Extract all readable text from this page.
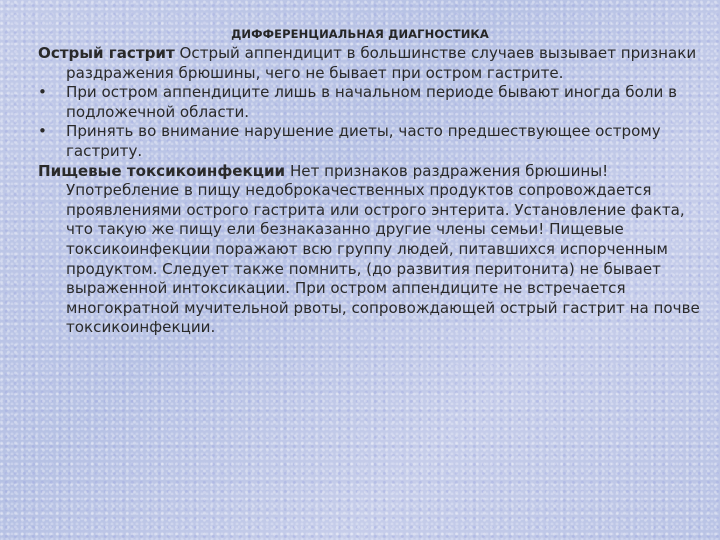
ДИФФЕРЕНЦИАЛЬНАЯ ДИАГНОСТИКА

Острый гастрит Острый аппендицит в большинстве случаев вызывает признаки раздражения брюшины, чего не бывает при остром гастрите.

•	При остром аппендиците лишь в начальном периоде бывают иногда боли в подложечной области.

•	Принять во внимание нарушение диеты, часто предшествующее острому гастриту.

Пищевые токсикоинфекции Нет признаков раздражения брюшины! Употребление в пищу недоброкачественных продуктов сопровождается проявлениями острого гастрита или острого энтерита. Установление факта, что такую же пищу ели безнаказанно другие члены семьи! Пищевые токсикоинфекции поражают всю группу людей, питавшихся испорченным продуктом. Следует также помнить, (до развития перитонита) не бывает выраженной интоксикации. При остром аппендиците не встречается многократной мучительной рвоты, сопровождающей острый гастрит на почве токсикоинфекции.
